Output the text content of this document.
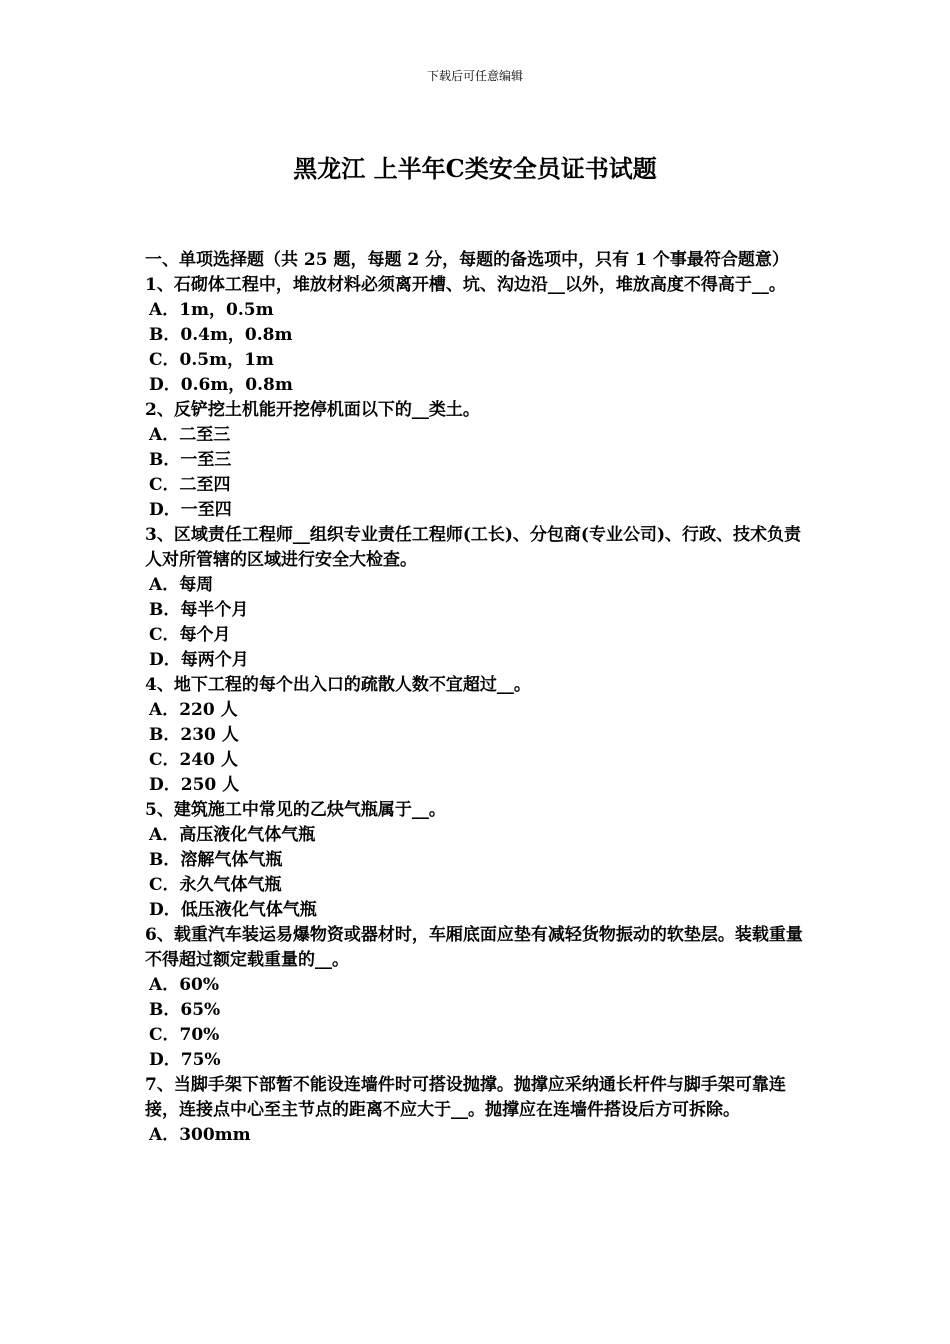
下载后可任意编辑
黑龙江 上半年C类安全员证书试题

一、单项选择题（共 25 题，每题 2 分，每题的备选项中，只有 1 个事最符合题意）

1、石砌体工程中，堆放材料必须离开槽、坑、沟边沿__以外，堆放高度不得高于__。

A．1m，0.5m
B．0.4m，0.8m
C．0.5m，1m
D．0.6m，0.8m

2、反铲挖土机能开挖停机面以下的__类土。

A．二至三
B．一至三
C．二至四
D．一至四

3、区域责任工程师__组织专业责任工程师(工长)、分包商(专业公司)、行政、技术负责人对所管辖的区域进行安全大检查。

A．每周
B．每半个月
C．每个月
D．每两个月

4、地下工程的每个出入口的疏散人数不宜超过__。

A．220 人
B．230 人
C．240 人
D．250 人

5、建筑施工中常见的乙炔气瓶属于__。

A．高压液化气体气瓶
B．溶解气体气瓶
C．永久气体气瓶
D．低压液化气体气瓶

6、载重汽车装运易爆物资或器材时，车厢底面应垫有减轻货物振动的软垫层。装载重量不得超过额定载重量的__。

A．60%
B．65%
C．70%
D．75%

7、当脚手架下部暂不能设连墙件时可搭设抛撑。抛撑应采纳通长杆件与脚手架可靠连接，连接点中心至主节点的距离不应大于__。抛撑应在连墙件搭设后方可拆除。

A．300mm
